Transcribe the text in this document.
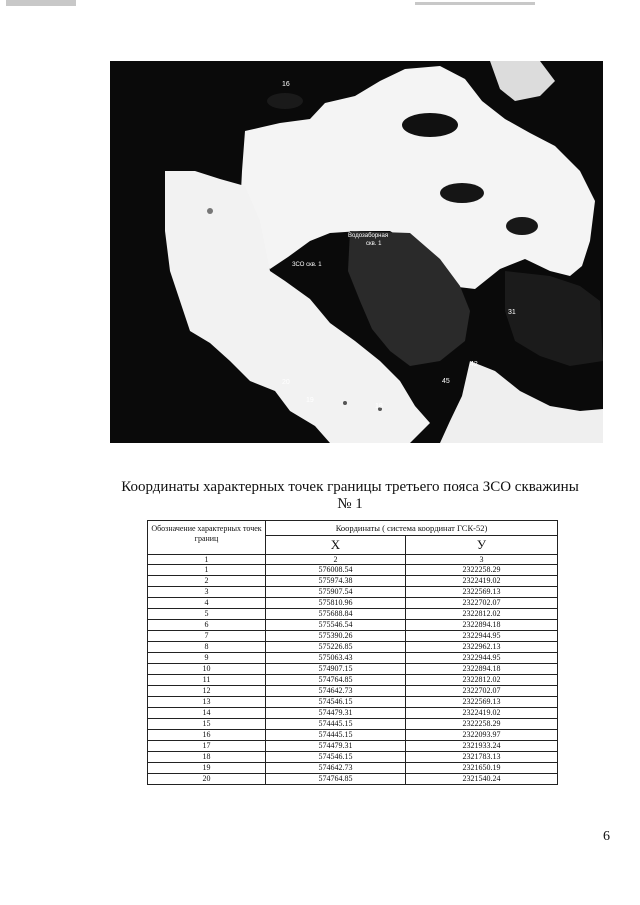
Водозаборная
скв. 1
ЗСО скв. 1
31
42
45
20
19
18
16
Координаты характерных точек границы третьего пояса ЗСО скважины № 1
Обозначение характерных точек границ	Координаты ( система координат ГСК-52)	
	X	У
1	2	3
1	576008.54	2322258.29
2	575974.38	2322419.02
3	575907.54	2322569.13
4	575810.96	2322702.07
5	575688.84	2322812.02
6	575546.54	2322894.18
7	575390.26	2322944.95
8	575226.85	2322962.13
9	575063.43	2322944.95
10	574907.15	2322894.18
11	574764.85	2322812.02
12	574642.73	2322702.07
13	574546.15	2322569.13
14	574479.31	2322419.02
15	574445.15	2322258.29
16	574445.15	2322093.97
17	574479.31	2321933.24
18	574546.15	2321783.13
19	574642.73	2321650.19
20	574764.85	2321540.24
6
